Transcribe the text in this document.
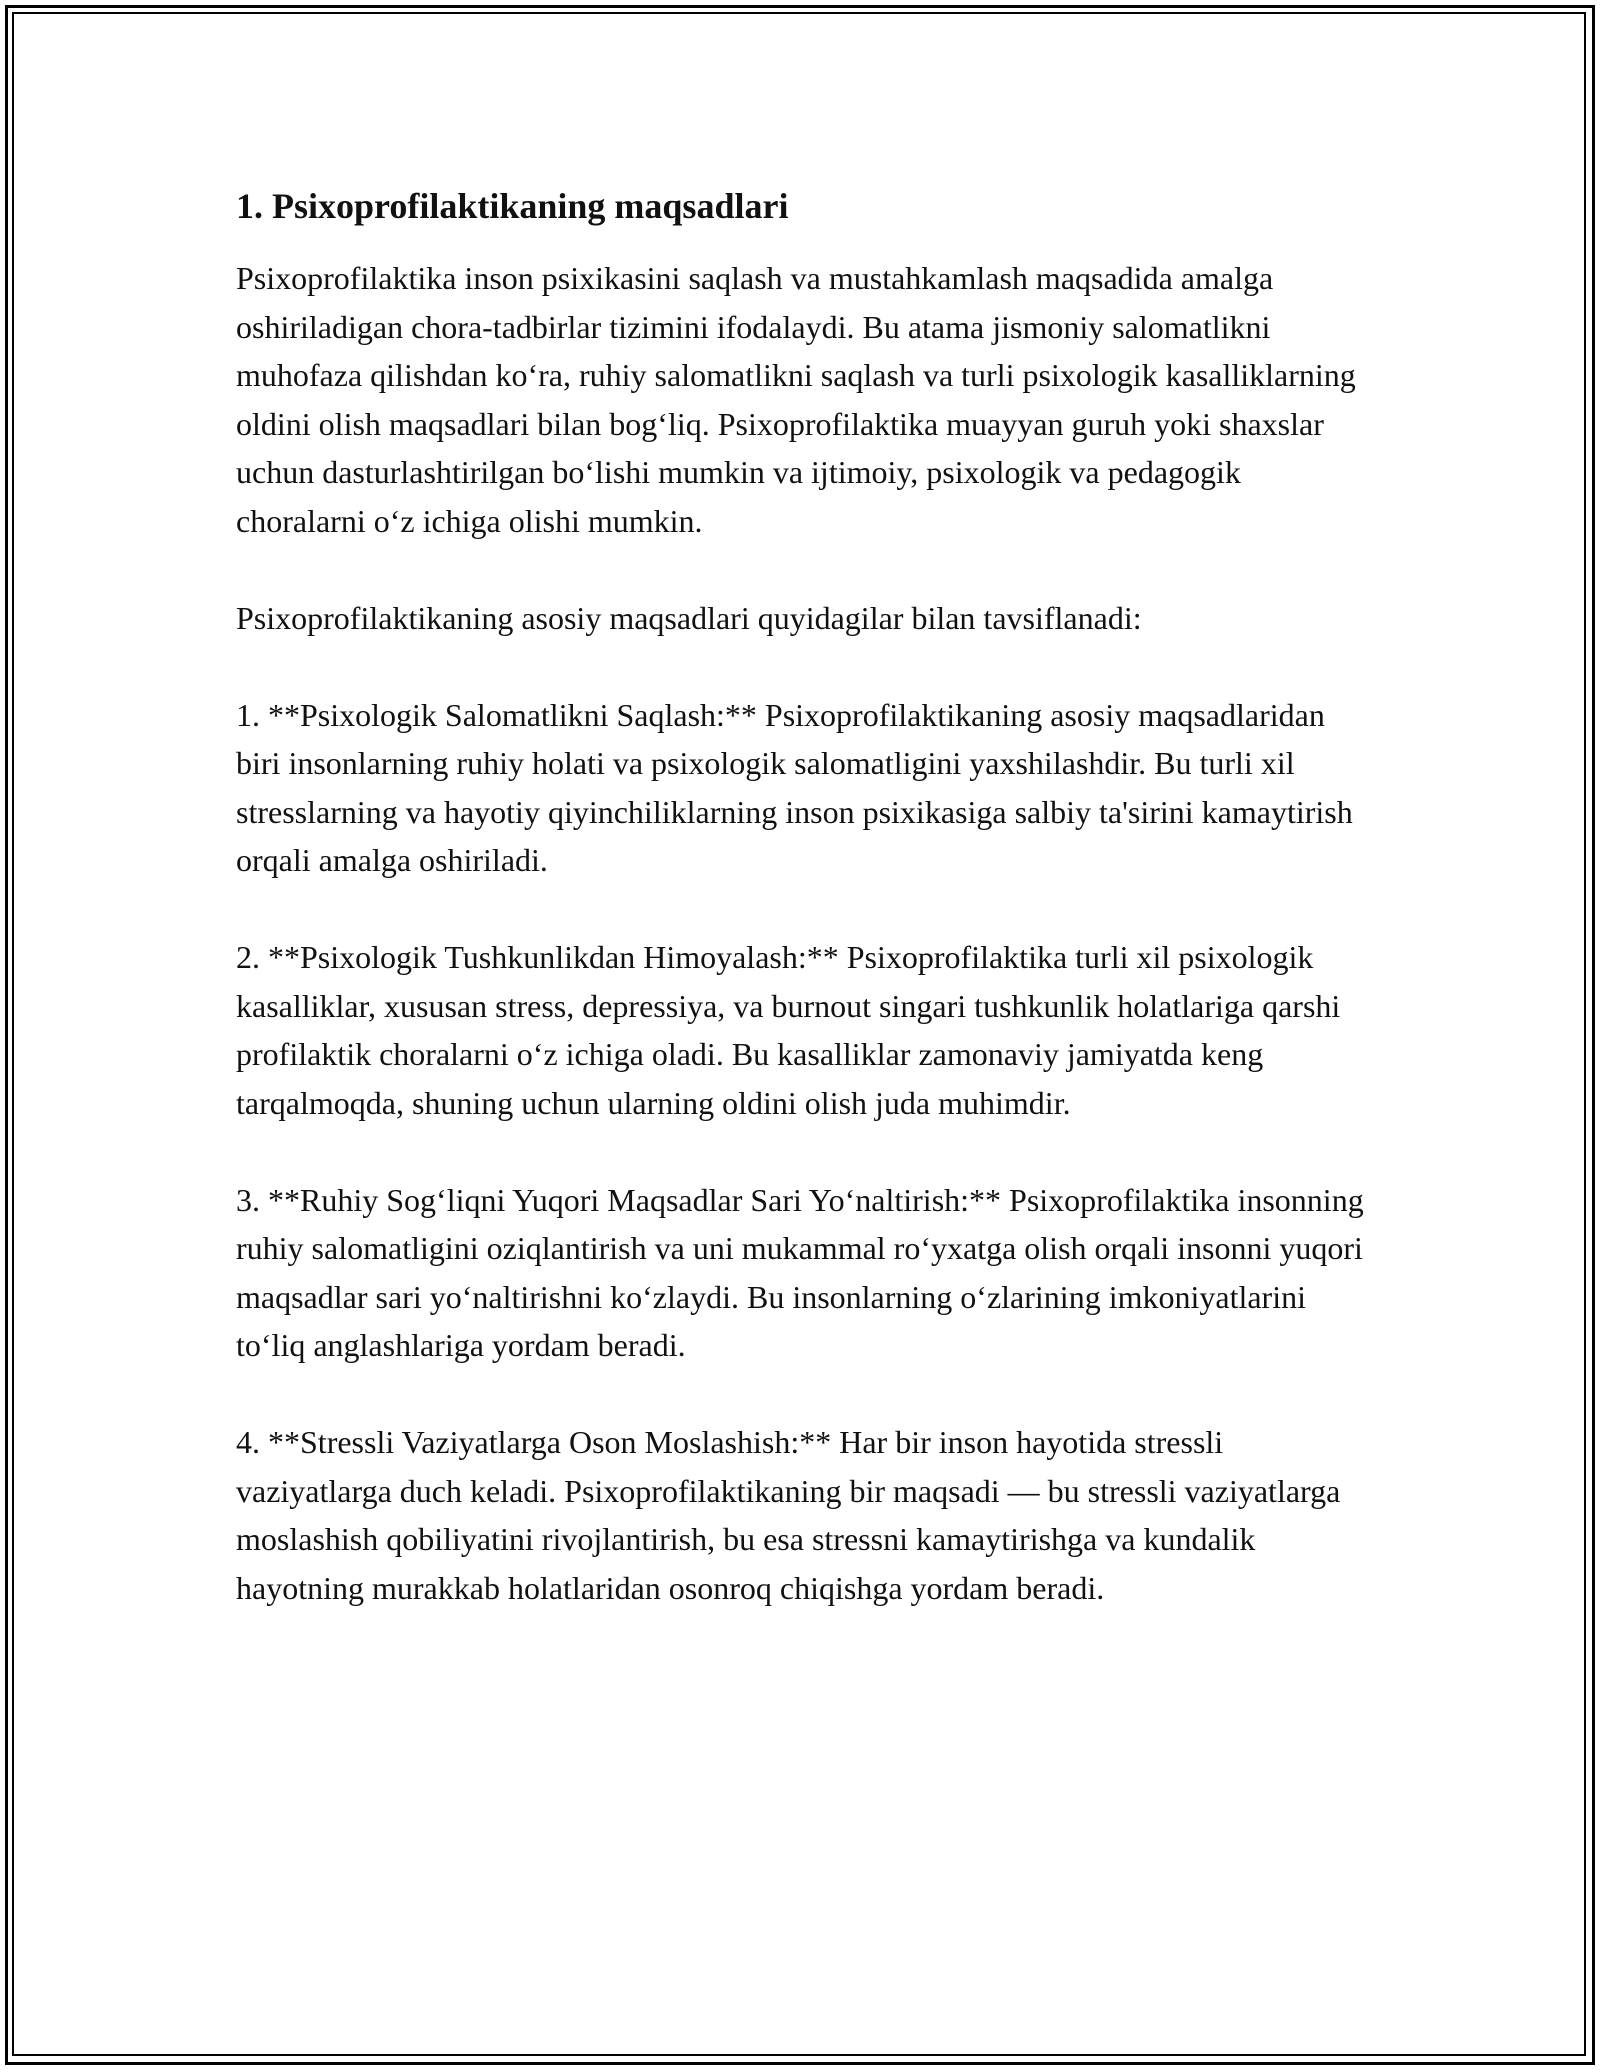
1. Psixoprofilaktikaning maqsadlari

Psixoprofilaktika inson psixikasini saqlash va mustahkamlash maqsadida amalga oshiriladigan chora-tadbirlar tizimini ifodalaydi. Bu atama jismoniy salomatlikni muhofaza qilishdan ko‘ra, ruhiy salomatlikni saqlash va turli psixologik kasalliklarning oldini olish maqsadlari bilan bog‘liq. Psixoprofilaktika muayyan guruh yoki shaxslar uchun dasturlashtirilgan bo‘lishi mumkin va ijtimoiy, psixologik va pedagogik choralarni o‘z ichiga olishi mumkin.

Psixoprofilaktikaning asosiy maqsadlari quyidagilar bilan tavsiflanadi:

1. **Psixologik Salomatlikni Saqlash:** Psixoprofilaktikaning asosiy maqsadlaridan biri insonlarning ruhiy holati va psixologik salomatligini yaxshilashdir. Bu turli xil stresslarning va hayotiy qiyinchiliklarning inson psixikasiga salbiy ta'sirini kamaytirish orqali amalga oshiriladi.

2. **Psixologik Tushkunlikdan Himoyalash:** Psixoprofilaktika turli xil psixologik kasalliklar, xususan stress, depressiya, va burnout singari tushkunlik holatlariga qarshi profilaktik choralarni o‘z ichiga oladi. Bu kasalliklar zamonaviy jamiyatda keng tarqalmoqda, shuning uchun ularning oldini olish juda muhimdir.

3. **Ruhiy Sog‘liqni Yuqori Maqsadlar Sari Yo‘naltirish:** Psixoprofilaktika insonning ruhiy salomatligini oziqlantirish va uni mukammal ro‘yxatga olish orqali insonni yuqori maqsadlar sari yo‘naltirishni ko‘zlaydi. Bu insonlarning o‘zlarining imkoniyatlarini to‘liq anglashlariga yordam beradi.

4. **Stressli Vaziyatlarga Oson Moslashish:** Har bir inson hayotida stressli vaziyatlarga duch keladi. Psixoprofilaktikaning bir maqsadi — bu stressli vaziyatlarga moslashish qobiliyatini rivojlantirish, bu esa stressni kamaytirishga va kundalik hayotning murakkab holatlaridan osonroq chiqishga yordam beradi.
